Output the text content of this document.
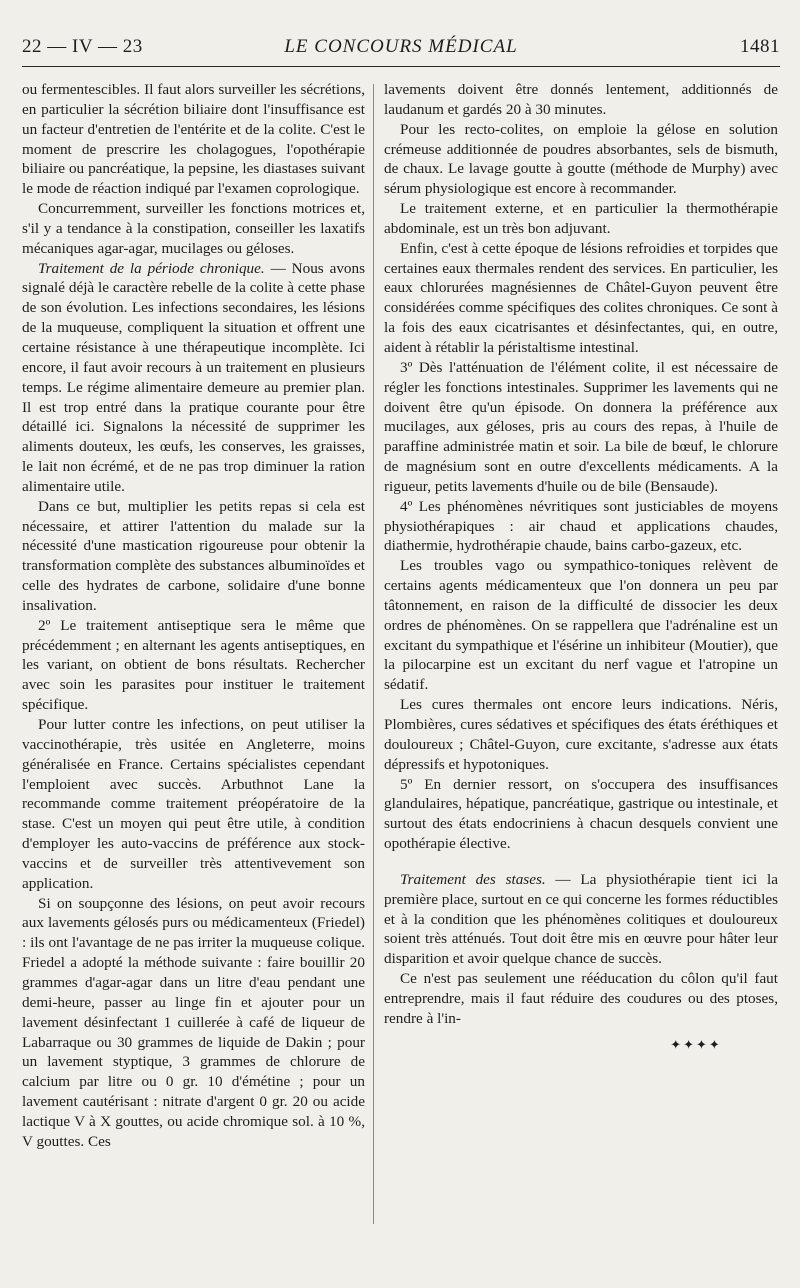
22 — IV — 23	LE CONCOURS MÉDICAL	1481

ou fermentescibles. Il faut alors surveiller les sécrétions, en particulier la sécrétion biliaire dont l'insuffisance est un facteur d'entretien de l'entérite et de la colite. C'est le moment de prescrire les cholagogues, l'opothérapie biliaire ou pancréatique, la pepsine, les diastases suivant le mode de réaction indiqué par l'examen coprologique.

Concurremment, surveiller les fonctions motrices et, s'il y a tendance à la constipation, conseiller les laxatifs mécaniques agar-agar, mucilages ou géloses.

Traitement de la période chronique. — Nous avons signalé déjà le caractère rebelle de la colite à cette phase de son évolution. Les infections secondaires, les lésions de la muqueuse, compliquent la situation et offrent une certaine résistance à une thérapeutique incomplète. Ici encore, il faut avoir recours à un traitement en plusieurs temps. Le régime alimentaire demeure au premier plan. Il est trop entré dans la pratique courante pour être détaillé ici. Signalons la nécessité de supprimer les aliments douteux, les œufs, les conserves, les graisses, le lait non écrémé, et de ne pas trop diminuer la ration alimentaire utile.

Dans ce but, multiplier les petits repas si cela est nécessaire, et attirer l'attention du malade sur la nécessité d'une mastication rigoureuse pour obtenir la transformation complète des substances albuminoïdes et celle des hydrates de carbone, solidaire d'une bonne insalivation.

2º Le traitement antiseptique sera le même que précédemment ; en alternant les agents antiseptiques, en les variant, on obtient de bons résultats. Rechercher avec soin les parasites pour instituer le traitement spécifique.

Pour lutter contre les infections, on peut utiliser la vaccinothérapie, très usitée en Angleterre, moins généralisée en France. Certains spécialistes cependant l'emploient avec succès. Arbuthnot Lane la recommande comme traitement préopératoire de la stase. C'est un moyen qui peut être utile, à condition d'employer les auto-vaccins de préférence aux stock-vaccins et de surveiller très attentivevement son application.

Si on soupçonne des lésions, on peut avoir recours aux lavements gélosés purs ou médicamenteux (Friedel) : ils ont l'avantage de ne pas irriter la muqueuse colique. Friedel a adopté la méthode suivante : faire bouillir 20 grammes d'agar-agar dans un litre d'eau pendant une demi-heure, passer au linge fin et ajouter pour un lavement désinfectant 1 cuillerée à café de liqueur de Labarraque ou 30 grammes de liquide de Dakin ; pour un lavement styptique, 3 grammes de chlorure de calcium par litre ou 0 gr. 10 d'émétine ; pour un lavement cautérisant : nitrate d'argent 0 gr. 20 ou acide lactique V à X gouttes, ou acide chromique sol. à 10 %, V gouttes. Ces

lavements doivent être donnés lentement, additionnés de laudanum et gardés 20 à 30 minutes.

Pour les recto-colites, on emploie la gélose en solution crémeuse additionnée de poudres absorbantes, sels de bismuth, de chaux. Le lavage goutte à goutte (méthode de Murphy) avec sérum physiologique est encore à recommander.

Le traitement externe, et en particulier la thermothérapie abdominale, est un très bon adjuvant.

Enfin, c'est à cette époque de lésions refroidies et torpides que certaines eaux thermales rendent des services. En particulier, les eaux chlorurées magnésiennes de Châtel-Guyon peuvent être considérées comme spécifiques des colites chroniques. Ce sont à la fois des eaux cicatrisantes et désinfectantes, qui, en outre, aident à rétablir la péristaltisme intestinal.

3º Dès l'atténuation de l'élément colite, il est nécessaire de régler les fonctions intestinales. Supprimer les lavements qui ne doivent être qu'un épisode. On donnera la préférence aux mucilages, aux géloses, pris au cours des repas, à l'huile de paraffine administrée matin et soir. La bile de bœuf, le chlorure de magnésium sont en outre d'excellents médicaments. A la rigueur, petits lavements d'huile ou de bile (Bensaude).

4º Les phénomènes névritiques sont justiciables de moyens physiothérapiques : air chaud et applications chaudes, diathermie, hydrothérapie chaude, bains carbo-gazeux, etc.

Les troubles vago ou sympathico-toniques relèvent de certains agents médicamenteux que l'on donnera un peu par tâtonnement, en raison de la difficulté de dissocier les deux ordres de phénomènes. On se rappellera que l'adrénaline est un excitant du sympathique et l'ésérine un inhibiteur (Moutier), que la pilocarpine est un excitant du nerf vague et l'atropine un sédatif.

Les cures thermales ont encore leurs indications. Néris, Plombières, cures sédatives et spécifiques des états éréthiques et douloureux ; Châtel-Guyon, cure excitante, s'adresse aux états dépressifs et hypotoniques.

5º En dernier ressort, on s'occupera des insuffisances glandulaires, hépatique, pancréatique, gastrique ou intestinale, et surtout des états endocriniens à chacun desquels convient une opothérapie élective.

Traitement des stases. — La physiothérapie tient ici la première place, surtout en ce qui concerne les formes réductibles et à la condition que les phénomènes colitiques et douloureux soient très atténués. Tout doit être mis en œuvre pour hâter leur disparition et avoir quelque chance de succès.

Ce n'est pas seulement une rééducation du côlon qu'il faut entreprendre, mais il faut réduire des coudures ou des ptoses, rendre à l'in-

✦✦✦✦
